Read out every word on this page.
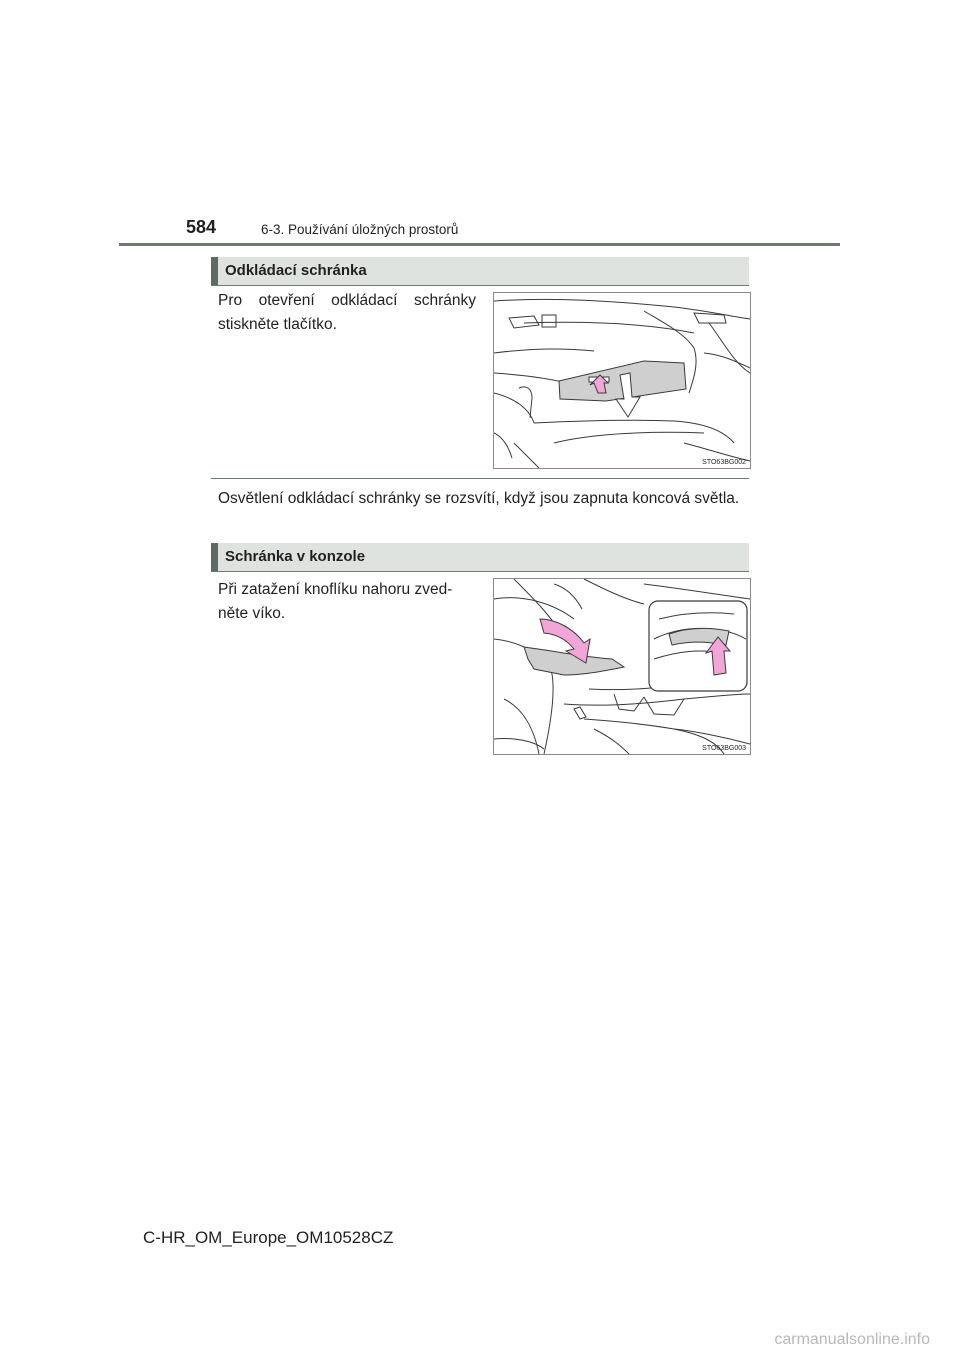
584	6-3. Používání úložných prostorů
Odkládací schránka
Pro otevření odkládací schránky stiskněte tlačítko.
STO63BG002
Osvětlení odkládací schránky se rozsvítí, když jsou zapnuta koncová světla.
Schránka v konzole
Při zatažení knoflíku nahoru zved-něte víko.
STO63BG003
C-HR_OM_Europe_OM10528CZ
carmanualsonline.info
